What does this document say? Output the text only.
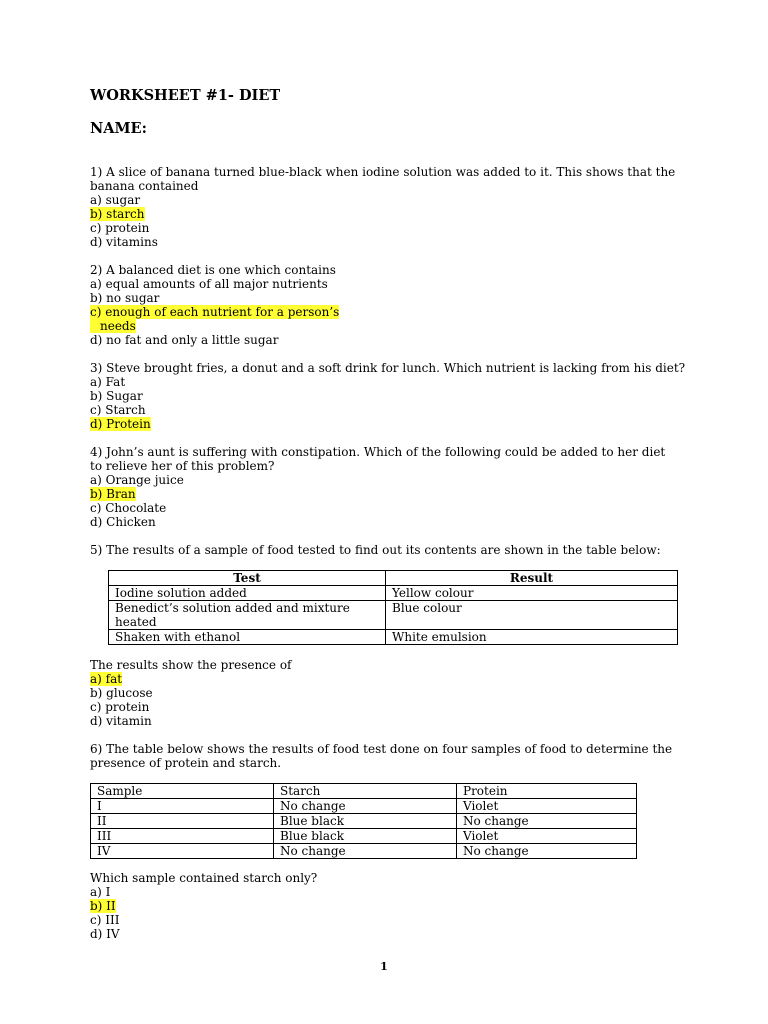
WORKSHEET #1- DIET
NAME:
1) A slice of banana turned blue-black when iodine solution was added to it. This shows that the
banana contained
a) sugar
b) starch
c) protein
d) vitamins
2) A balanced diet is one which contains
a) equal amounts of all major nutrients
b) no sugar
c) enough of each nutrient for a person’s
needs
d) no fat and only a little sugar
3) Steve brought fries, a donut and a soft drink for lunch. Which nutrient is lacking from his diet?
a) Fat
b) Sugar
c) Starch
d) Protein
4) John’s aunt is suffering with constipation. Which of the following could be added to her diet
to relieve her of this problem?
a) Orange juice
b) Bran
c) Chocolate
d) Chicken
5) The results of a sample of food tested to find out its contents are shown in the table below:
Test	Result
Iodine solution added	Yellow colour
Benedict’s solution added and mixture heated	Blue colour
Shaken with ethanol	White emulsion
The results show the presence of
a) fat
b) glucose
c) protein
d) vitamin
6) The table below shows the results of food test done on four samples of food to determine the
presence of protein and starch.
Sample	Starch	Protein
I	No change	Violet
II	Blue black	No change
III	Blue black	Violet
IV	No change	No change
Which sample contained starch only?
a) I
b) II
c) III
d) IV
1
